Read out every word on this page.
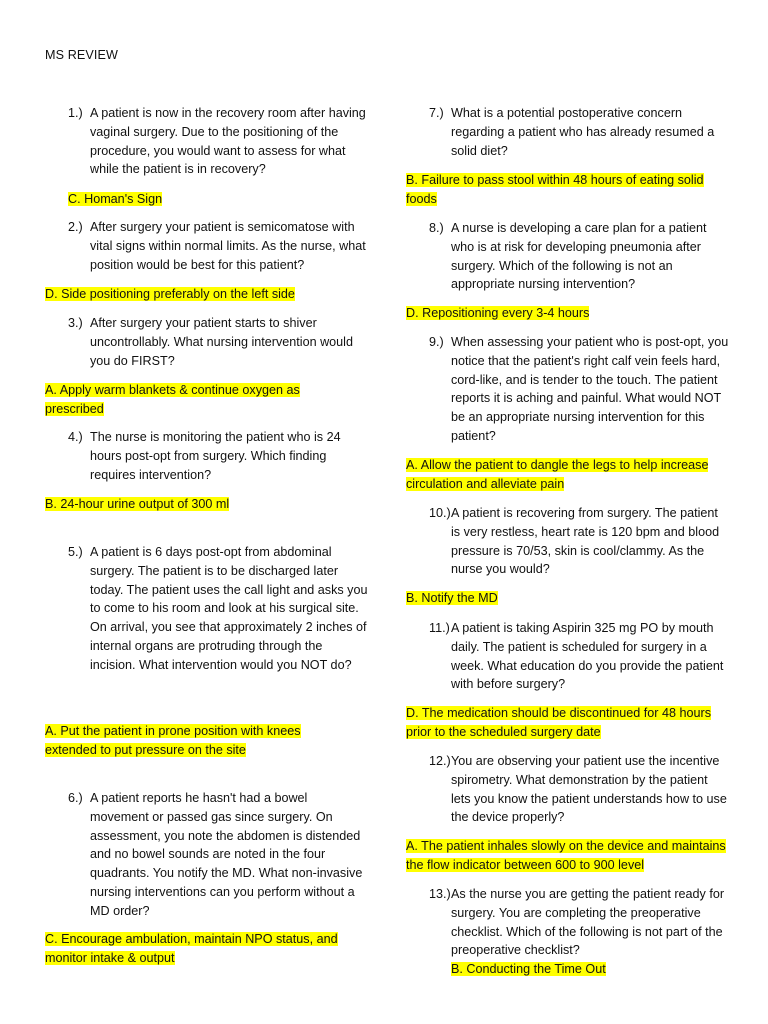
MS REVIEW
1.) A patient is now in the recovery room after having vaginal surgery. Due to the positioning of the procedure, you would want to assess for what while the patient is in recovery?
C. Homan's Sign
2.) After surgery your patient is semicomatose with vital signs within normal limits. As the nurse, what position would be best for this patient?
D. Side positioning preferably on the left side
3.) After surgery your patient starts to shiver uncontrollably. What nursing intervention would you do FIRST?
A. Apply warm blankets & continue oxygen as prescribed
4.) The nurse is monitoring the patient who is 24 hours post-opt from surgery. Which finding requires intervention?
B. 24-hour urine output of 300 ml
5.) A patient is 6 days post-opt from abdominal surgery. The patient is to be discharged later today. The patient uses the call light and asks you to come to his room and look at his surgical site. On arrival, you see that approximately 2 inches of internal organs are protruding through the incision. What intervention would you NOT do?
A. Put the patient in prone position with knees extended to put pressure on the site
6.) A patient reports he hasn't had a bowel movement or passed gas since surgery. On assessment, you note the abdomen is distended and no bowel sounds are noted in the four quadrants. You notify the MD. What non-invasive nursing interventions can you perform without a MD order?
C. Encourage ambulation, maintain NPO status, and monitor intake & output
7.) What is a potential postoperative concern regarding a patient who has already resumed a solid diet?
B. Failure to pass stool within 48 hours of eating solid foods
8.) A nurse is developing a care plan for a patient who is at risk for developing pneumonia after surgery. Which of the following is not an appropriate nursing intervention?
D. Repositioning every 3-4 hours
9.) When assessing your patient who is post-opt, you notice that the patient's right calf vein feels hard, cord-like, and is tender to the touch. The patient reports it is aching and painful. What would NOT be an appropriate nursing intervention for this patient?
A. Allow the patient to dangle the legs to help increase circulation and alleviate pain
10.) A patient is recovering from surgery. The patient is very restless, heart rate is 120 bpm and blood pressure is 70/53, skin is cool/clammy. As the nurse you would?
B. Notify the MD
11.) A patient is taking Aspirin 325 mg PO by mouth daily. The patient is scheduled for surgery in a week. What education do you provide the patient with before surgery?
D. The medication should be discontinued for 48 hours prior to the scheduled surgery date
12.) You are observing your patient use the incentive spirometry. What demonstration by the patient lets you know the patient understands how to use the device properly?
A. The patient inhales slowly on the device and maintains the flow indicator between 600 to 900 level
13.) As the nurse you are getting the patient ready for surgery. You are completing the preoperative checklist. Which of the following is not part of the preoperative checklist?
B. Conducting the Time Out
